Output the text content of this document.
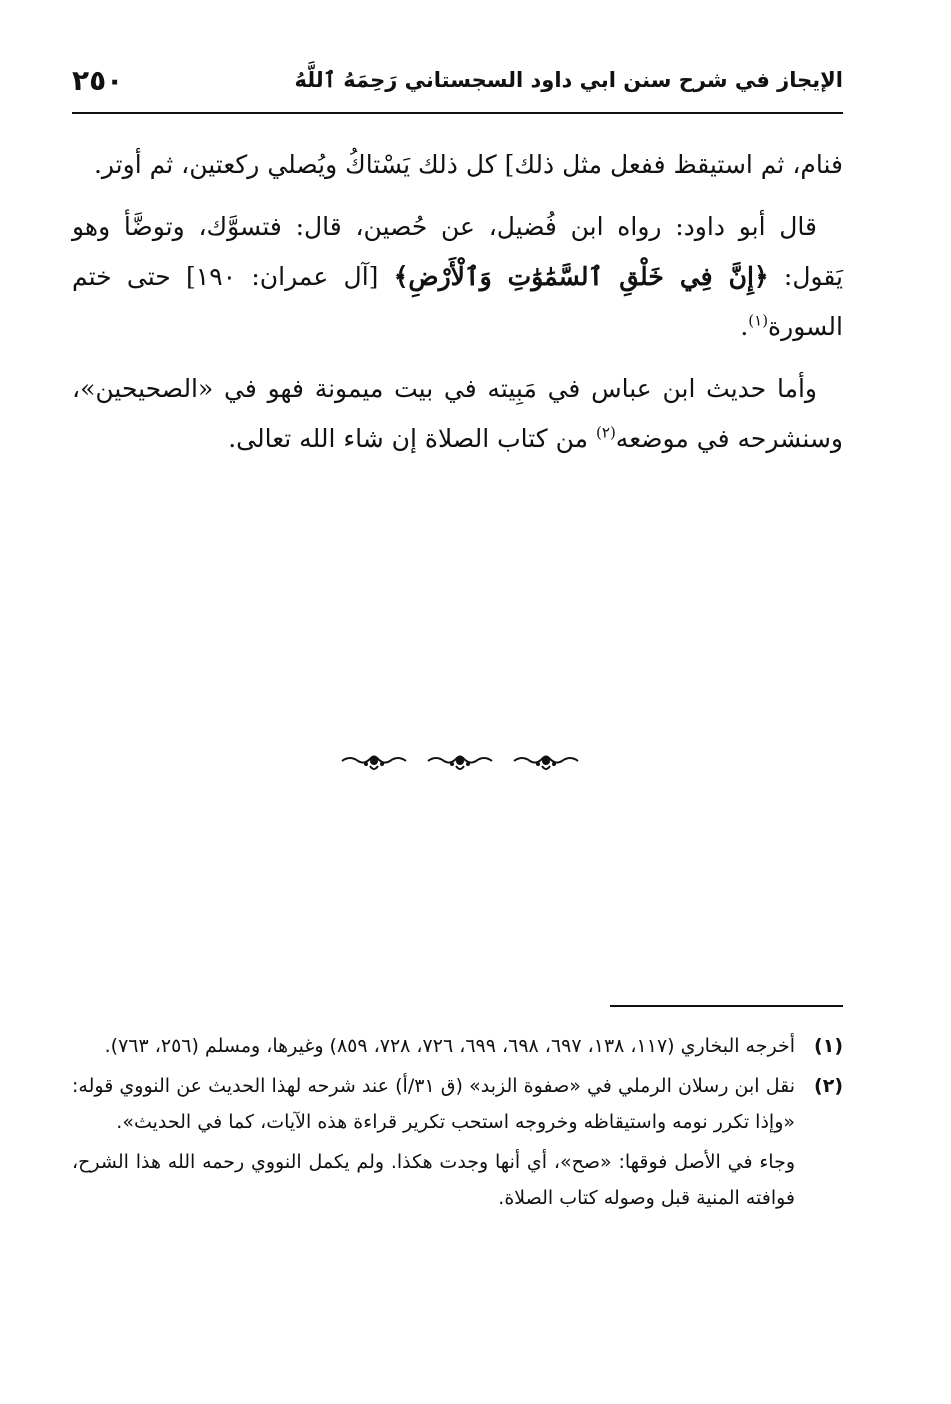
٢٥٠	الإيجاز في شرح سنن ابي داود السجستاني رَحِمَهُ ٱللَّهُ

فنام، ثم استيقظ ففعل مثل ذلك] كل ذلك يَسْتاكُ ويُصلي ركعتين، ثم أوتر.

قال أبو داود: رواه ابن فُضيل، عن حُصين، قال: فتسوَّك، وتوضَّأ وهو يَقول: ﴿إِنَّ فِي خَلْقِ ٱلسَّمَٰوَٰتِ وَٱلْأَرْضِ﴾ [آل عمران: ١٩٠] حتى ختم السورة$^{(١)}$.

وأما حديث ابن عباس في مَبِيته في بيت ميمونة فهو في «الصحيحين»، وسنشرحه في موضعه$^{(٢)}$ من كتاب الصلاة إن شاء الله تعالى.

(١)
أخرجه البخاري (١١٧، ١٣٨، ٦٩٧، ٦٩٨، ٦٩٩، ٧٢٦، ٧٢٨، ٨٥٩) وغيرها، ومسلم (٢٥٦، ٧٦٣).
(٢)
نقل ابن رسلان الرملي في «صفوة الزبد» (ق ٣١/أ) عند شرحه لهذا الحديث عن النووي قوله: «وإذا تكرر نومه واستيقاظه وخروجه استحب تكرير قراءة هذه الآيات، كما في الحديث».
وجاء في الأصل فوقها: «صح»، أي أنها وجدت هكذا. ولم يكمل النووي رحمه الله هذا الشرح، فوافته المنية قبل وصوله كتاب الصلاة.
